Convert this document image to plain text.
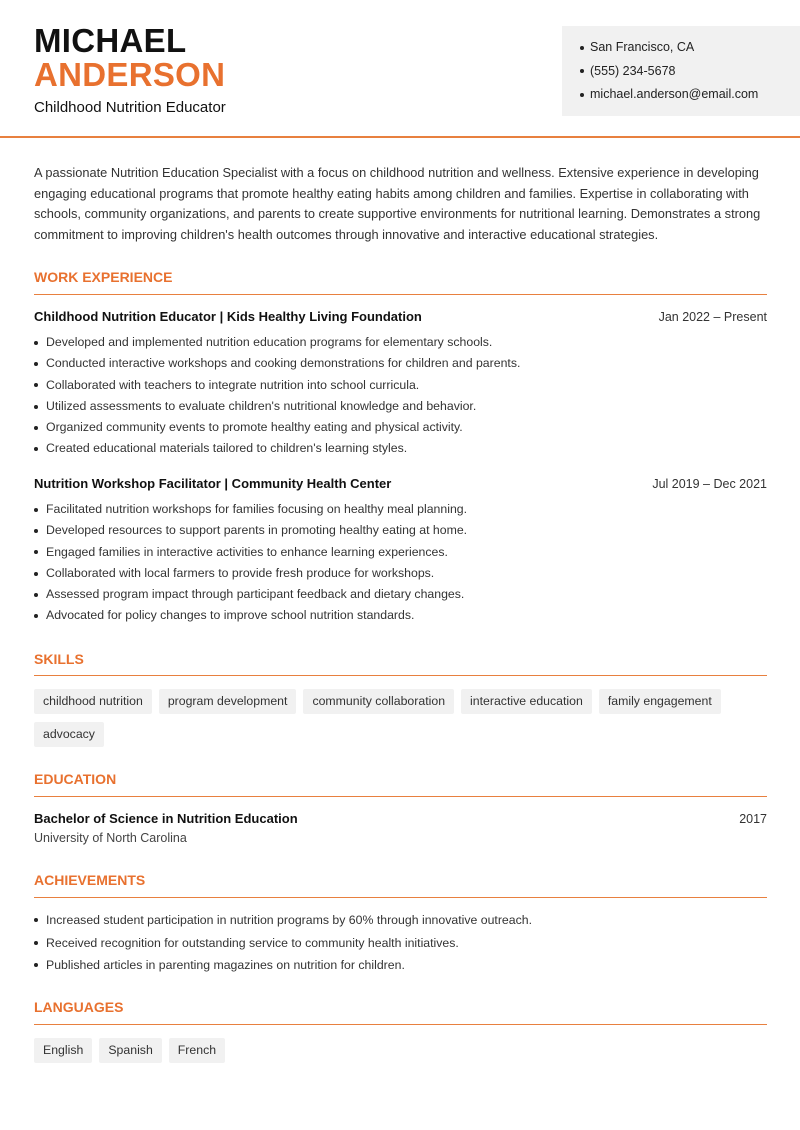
MICHAEL
ANDERSON
Childhood Nutrition Educator
San Francisco, CA
(555) 234-5678
michael.anderson@email.com

A passionate Nutrition Education Specialist with a focus on childhood nutrition and wellness. Extensive experience in developing engaging educational programs that promote healthy eating habits among children and families. Expertise in collaborating with schools, community organizations, and parents to create supportive environments for nutritional learning. Demonstrates a strong commitment to improving children's health outcomes through innovative and interactive educational strategies.

WORK EXPERIENCE
Childhood Nutrition Educator | Kids Healthy Living Foundation	Jan 2022 – Present
Developed and implemented nutrition education programs for elementary schools.
Conducted interactive workshops and cooking demonstrations for children and parents.
Collaborated with teachers to integrate nutrition into school curricula.
Utilized assessments to evaluate children's nutritional knowledge and behavior.
Organized community events to promote healthy eating and physical activity.
Created educational materials tailored to children's learning styles.
Nutrition Workshop Facilitator | Community Health Center	Jul 2019 – Dec 2021
Facilitated nutrition workshops for families focusing on healthy meal planning.
Developed resources to support parents in promoting healthy eating at home.
Engaged families in interactive activities to enhance learning experiences.
Collaborated with local farmers to provide fresh produce for workshops.
Assessed program impact through participant feedback and dietary changes.
Advocated for policy changes to improve school nutrition standards.
SKILLS
childhood nutrition	program development	community collaboration	interactive education	family engagement
advocacy
EDUCATION
Bachelor of Science in Nutrition Education	2017
University of North Carolina
ACHIEVEMENTS
Increased student participation in nutrition programs by 60% through innovative outreach.
Received recognition for outstanding service to community health initiatives.
Published articles in parenting magazines on nutrition for children.
LANGUAGES
English	Spanish	French
